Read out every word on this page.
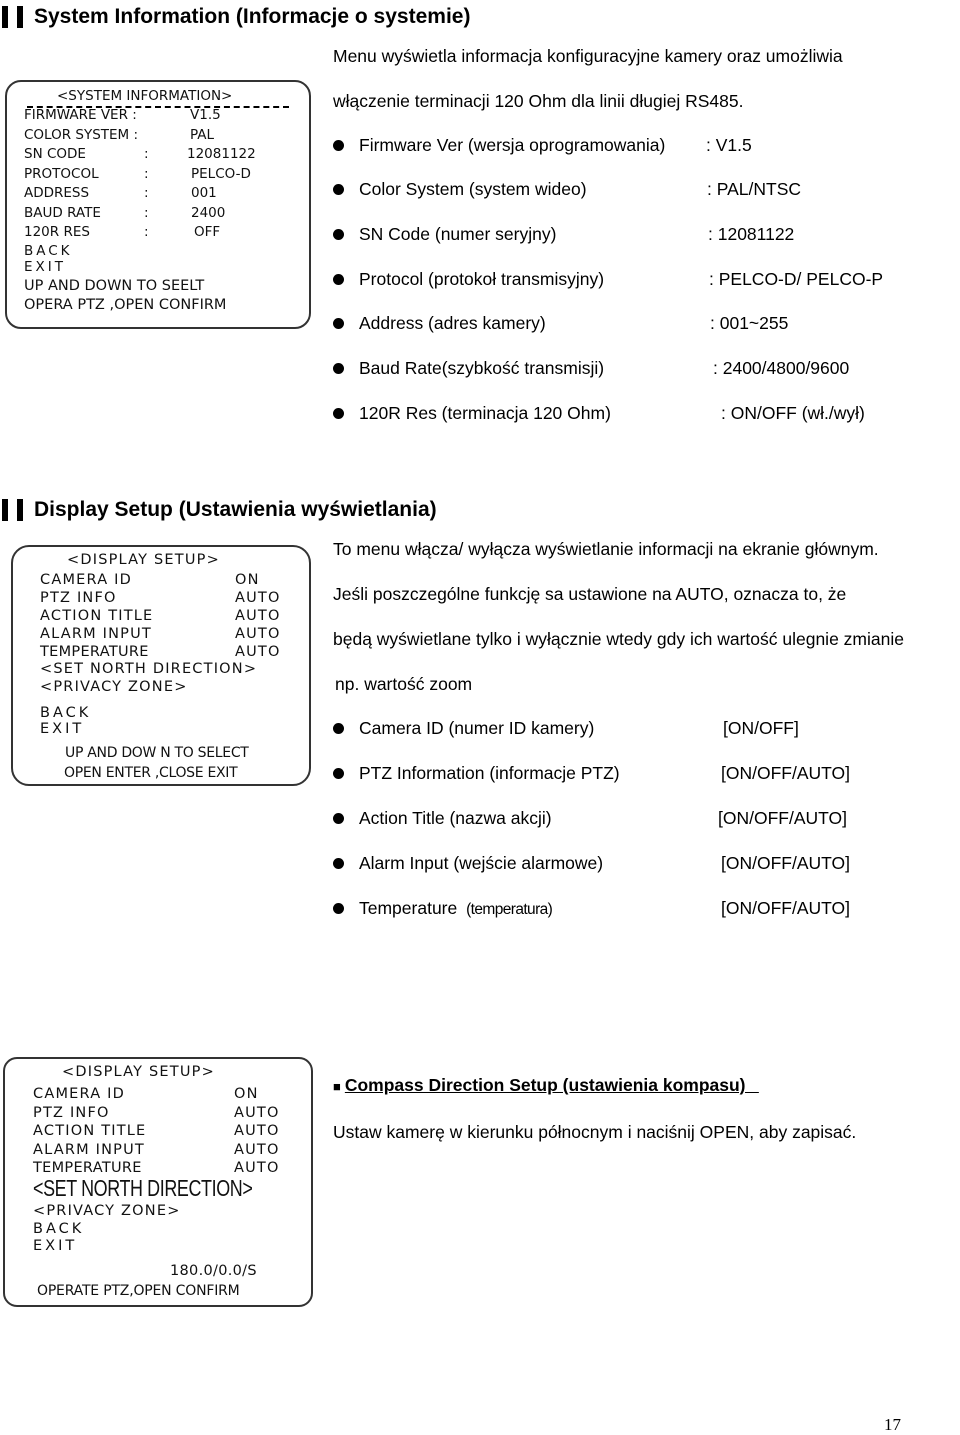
System Information (Informacje o systemie)
Menu wyświetla informacja konfiguracyjne kamery oraz umożliwia
włączenie terminacji 120 Ohm dla linii długiej RS485.
Firmware Ver (wersja oprogramowania) : V1.5
Color System (system wideo)	: PAL/NTSC
SN Code (numer seryjny)	: 12081122
Protocol (protokoł transmisyjny)	: PELCO-D/ PELCO-P
Address (adres kamery)	: 001~255
Baud Rate(szybkość transmisji)	: 2400/4800/9600
120R Res (terminacja 120 Ohm)	: ON/OFF (wł./wył)
<SYSTEM INFORMATION>
FIRMWARE VER :	V1.5
COLOR SYSTEM :	PAL
SN CODE	:	12081122
PROTOCOL	:	PELCO-D
ADDRESS	:	001
BAUD RATE	:	2400
120R RES	:	OFF
BACK
EXIT
UP AND DOWN TO SEELT
OPERA PTZ ,OPEN CONFIRM
Display Setup (Ustawienia wyświetlania)
To menu włącza/ wyłącza wyświetlanie informacji na ekranie głównym.
Jeśli poszczególne funkcję sa ustawione na AUTO, oznacza to, że
będą wyświetlane tylko i wyłącznie wtedy gdy ich wartość ulegnie zmianie
np. wartość zoom
Camera ID (numer ID kamery)	[ON/OFF]
PTZ Information (informacje PTZ)	[ON/OFF/AUTO]
Action Title (nazwa akcji)	[ON/OFF/AUTO]
Alarm Input (wejście alarmowe)	[ON/OFF/AUTO]
Temperature (temperatura)	[ON/OFF/AUTO]
<DISPLAY SETUP>
CAMERA ID	ON
PTZ INFO	AUTO
ACTION TITLE	AUTO
ALARM INPUT	AUTO
TEMPERATURE	AUTO
<SET NORTH DIRECTION>
<PRIVACY ZONE>
BACK
EXIT
UP AND DOW N TO SELECT
OPEN ENTER ,CLOSE EXIT
■ Compass Direction Setup (ustawienia kompasu)
Ustaw kamerę w kierunku północnym i naciśnij OPEN, aby zapisać.
<DISPLAY SETUP>
CAMERA ID	ON
PTZ INFO	AUTO
ACTION TITLE	AUTO
ALARM INPUT	AUTO
TEMPERATURE	AUTO
<SET NORTH DIRECTION>
<PRIVACY ZONE>
BACK
EXIT
180.0/0.0/S
OPERATE PTZ,OPEN CONFIRM
17
